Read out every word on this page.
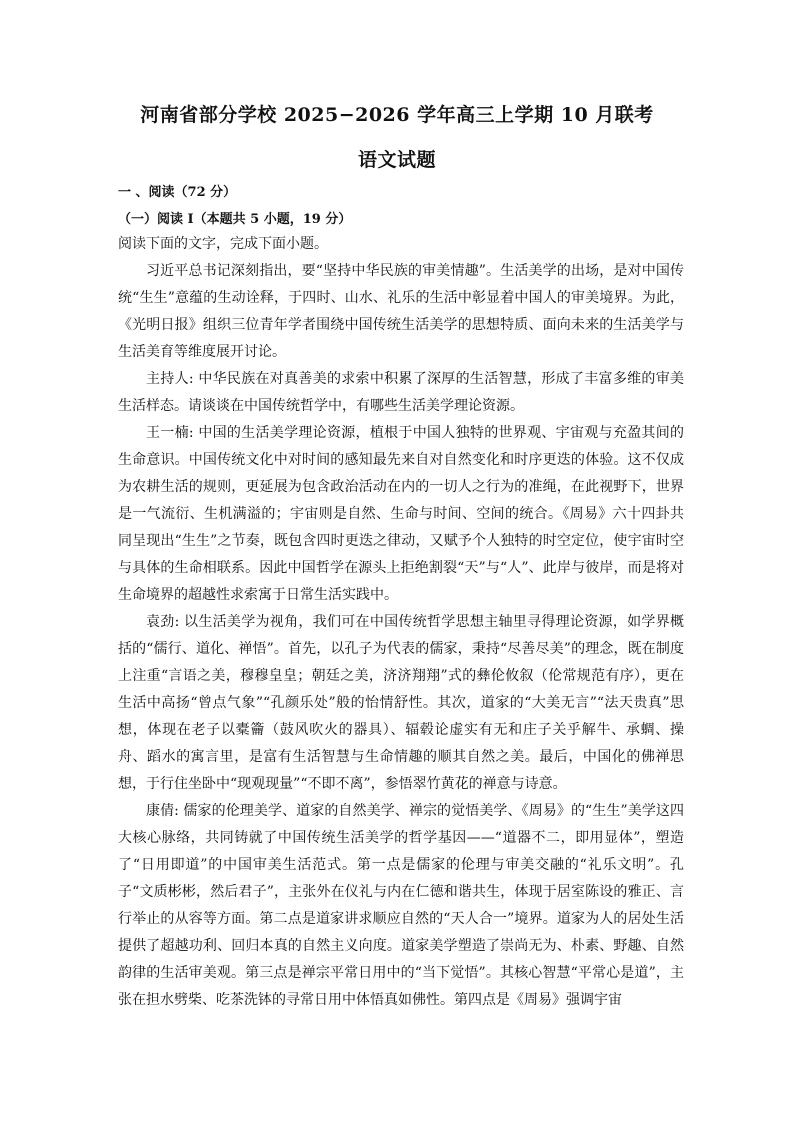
河南省部分学校 2025−2026 学年高三上学期 10 月联考
语文试题
一 、阅读（72 分）
（一）阅读 I（本题共 5 小题，19 分）

阅读下面的文字，完成下面小题。

习近平总书记深刻指出，要“坚持中华民族的审美情趣”。生活美学的出场，是对中国传统“生生”意蕴的生动诠释，于四时、山水、礼乐的生活中彰显着中国人的审美境界。为此，《光明日报》组织三位青年学者围绕中国传统生活美学的思想特质、面向未来的生活美学与生活美育等维度展开讨论。

主持人: 中华民族在对真善美的求索中积累了深厚的生活智慧，形成了丰富多维的审美生活样态。请谈谈在中国传统哲学中，有哪些生活美学理论资源。

王一楠: 中国的生活美学理论资源，植根于中国人独特的世界观、宇宙观与充盈其间的生命意识。中国传统文化中对时间的感知最先来自对自然变化和时序更迭的体验。这不仅成为农耕生活的规则，更延展为包含政治活动在内的一切人之行为的准绳，在此视野下，世界是一气流衍、生机满溢的；宇宙则是自然、生命与时间、空间的统合。《周易》六十四卦共同呈现出“生生”之节奏，既包含四时更迭之律动，又赋予个人独特的时空定位，使宇宙时空与具体的生命相联系。因此中国哲学在源头上拒绝割裂“天”与“人”、此岸与彼岸，而是将对生命境界的超越性求索寓于日常生活实践中。

袁劲: 以生活美学为视角，我们可在中国传统哲学思想主轴里寻得理论资源，如学界概括的“儒行、道化、禅悟”。首先，以孔子为代表的儒家，秉持“尽善尽美”的理念，既在制度上注重“言语之美，穆穆皇皇；朝廷之美，济济翔翔”式的彝伦攸叙（伦常规范有序），更在生活中高扬“曾点气象”“孔颜乐处”般的怡情舒性。其次，道家的“大美无言”“法天贵真”思想，体现在老子以橐籥（鼓风吹火的器具）、辐毂论虚实有无和庄子关乎解牛、承蜩、操舟、蹈水的寓言里，是富有生活智慧与生命情趣的顺其自然之美。最后，中国化的佛禅思想，于行住坐卧中“现观现量”“不即不离”，参悟翠竹黄花的禅意与诗意。

康倩: 儒家的伦理美学、道家的自然美学、禅宗的觉悟美学、《周易》的“生生”美学这四大核心脉络，共同铸就了中国传统生活美学的哲学基因——“道器不二，即用显体”，塑造了“日用即道”的中国审美生活范式。第一点是儒家的伦理与审美交融的“礼乐文明”。孔子“文质彬彬，然后君子”，主张外在仪礼与内在仁德和谐共生，体现于居室陈设的雅正、言行举止的从容等方面。第二点是道家讲求顺应自然的“天人合一”境界。道家为人的居处生活提供了超越功利、回归本真的自然主义向度。道家美学塑造了崇尚无为、朴素、野趣、自然韵律的生活审美观。第三点是禅宗平常日用中的“当下觉悟”。其核心智慧“平常心是道”，主张在担水劈柴、吃茶洗钵的寻常日用中体悟真如佛性。第四点是《周易》强调宇宙
